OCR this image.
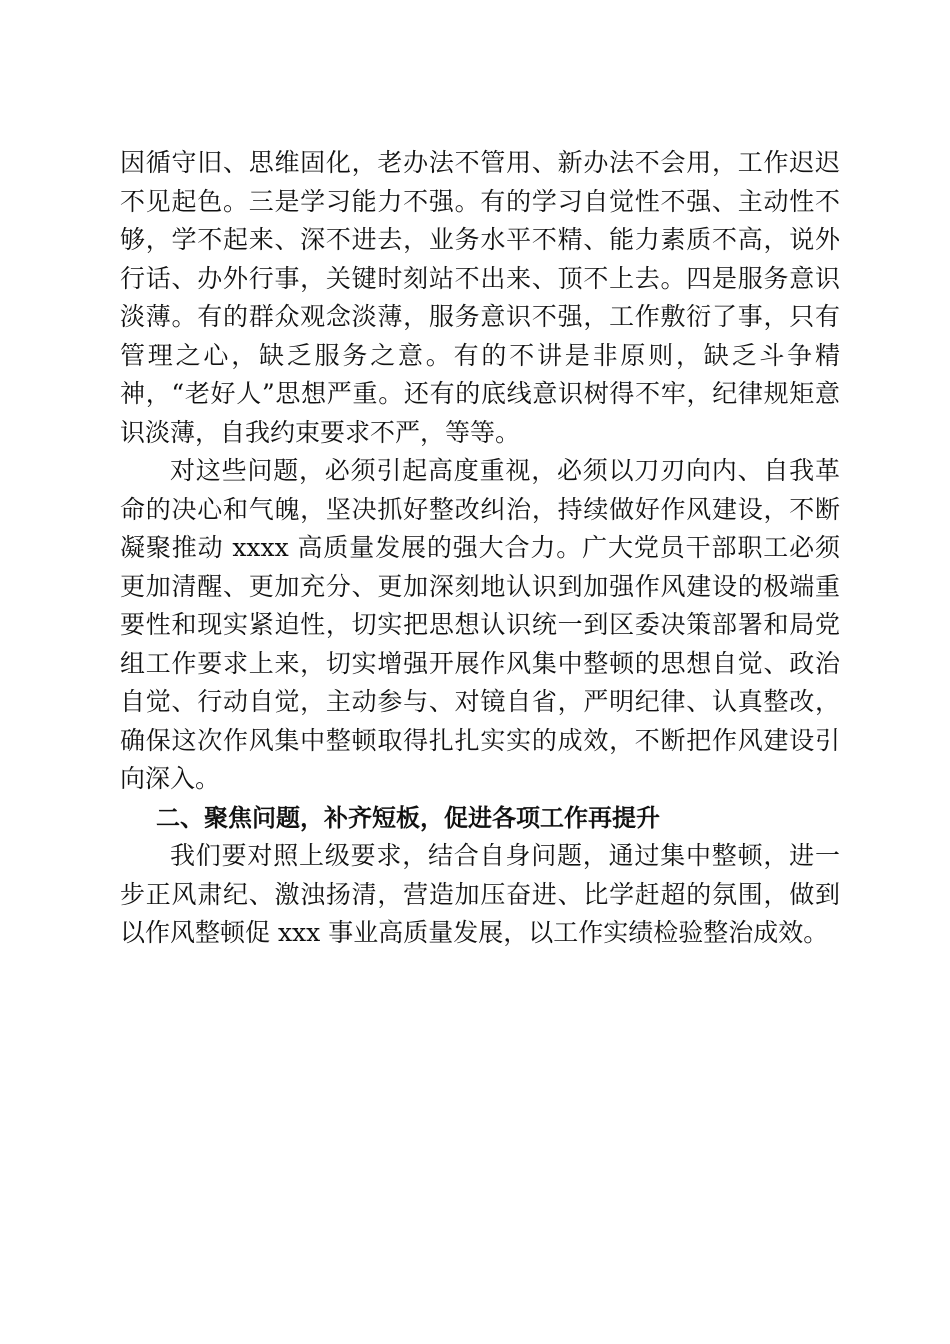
因循守旧、思维固化，老办法不管用、新办法不会用，工作迟迟不见起色。三是学习能力不强。有的学习自觉性不强、主动性不够，学不起来、深不进去，业务水平不精、能力素质不高，说外行话、办外行事，关键时刻站不出来、顶不上去。四是服务意识淡薄。有的群众观念淡薄，服务意识不强，工作敷衍了事，只有管理之心，缺乏服务之意。有的不讲是非原则，缺乏斗争精神，“老好人”思想严重。还有的底线意识树得不牢，纪律规矩意识淡薄，自我约束要求不严，等等。

对这些问题，必须引起高度重视，必须以刀刃向内、自我革命的决心和气魄，坚决抓好整改纠治，持续做好作风建设，不断凝聚推动 xxxx 高质量发展的强大合力。广大党员干部职工必须更加清醒、更加充分、更加深刻地认识到加强作风建设的极端重要性和现实紧迫性，切实把思想认识统一到区委决策部署和局党组工作要求上来，切实增强开展作风集中整顿的思想自觉、政治自觉、行动自觉，主动参与、对镜自省，严明纪律、认真整改，确保这次作风集中整顿取得扎扎实实的成效，不断把作风建设引向深入。

二、聚焦问题，补齐短板，促进各项工作再提升

我们要对照上级要求，结合自身问题，通过集中整顿，进一步正风肃纪、激浊扬清，营造加压奋进、比学赶超的氛围，做到以作风整顿促 xxx 事业高质量发展，以工作实绩检验整治成效。
